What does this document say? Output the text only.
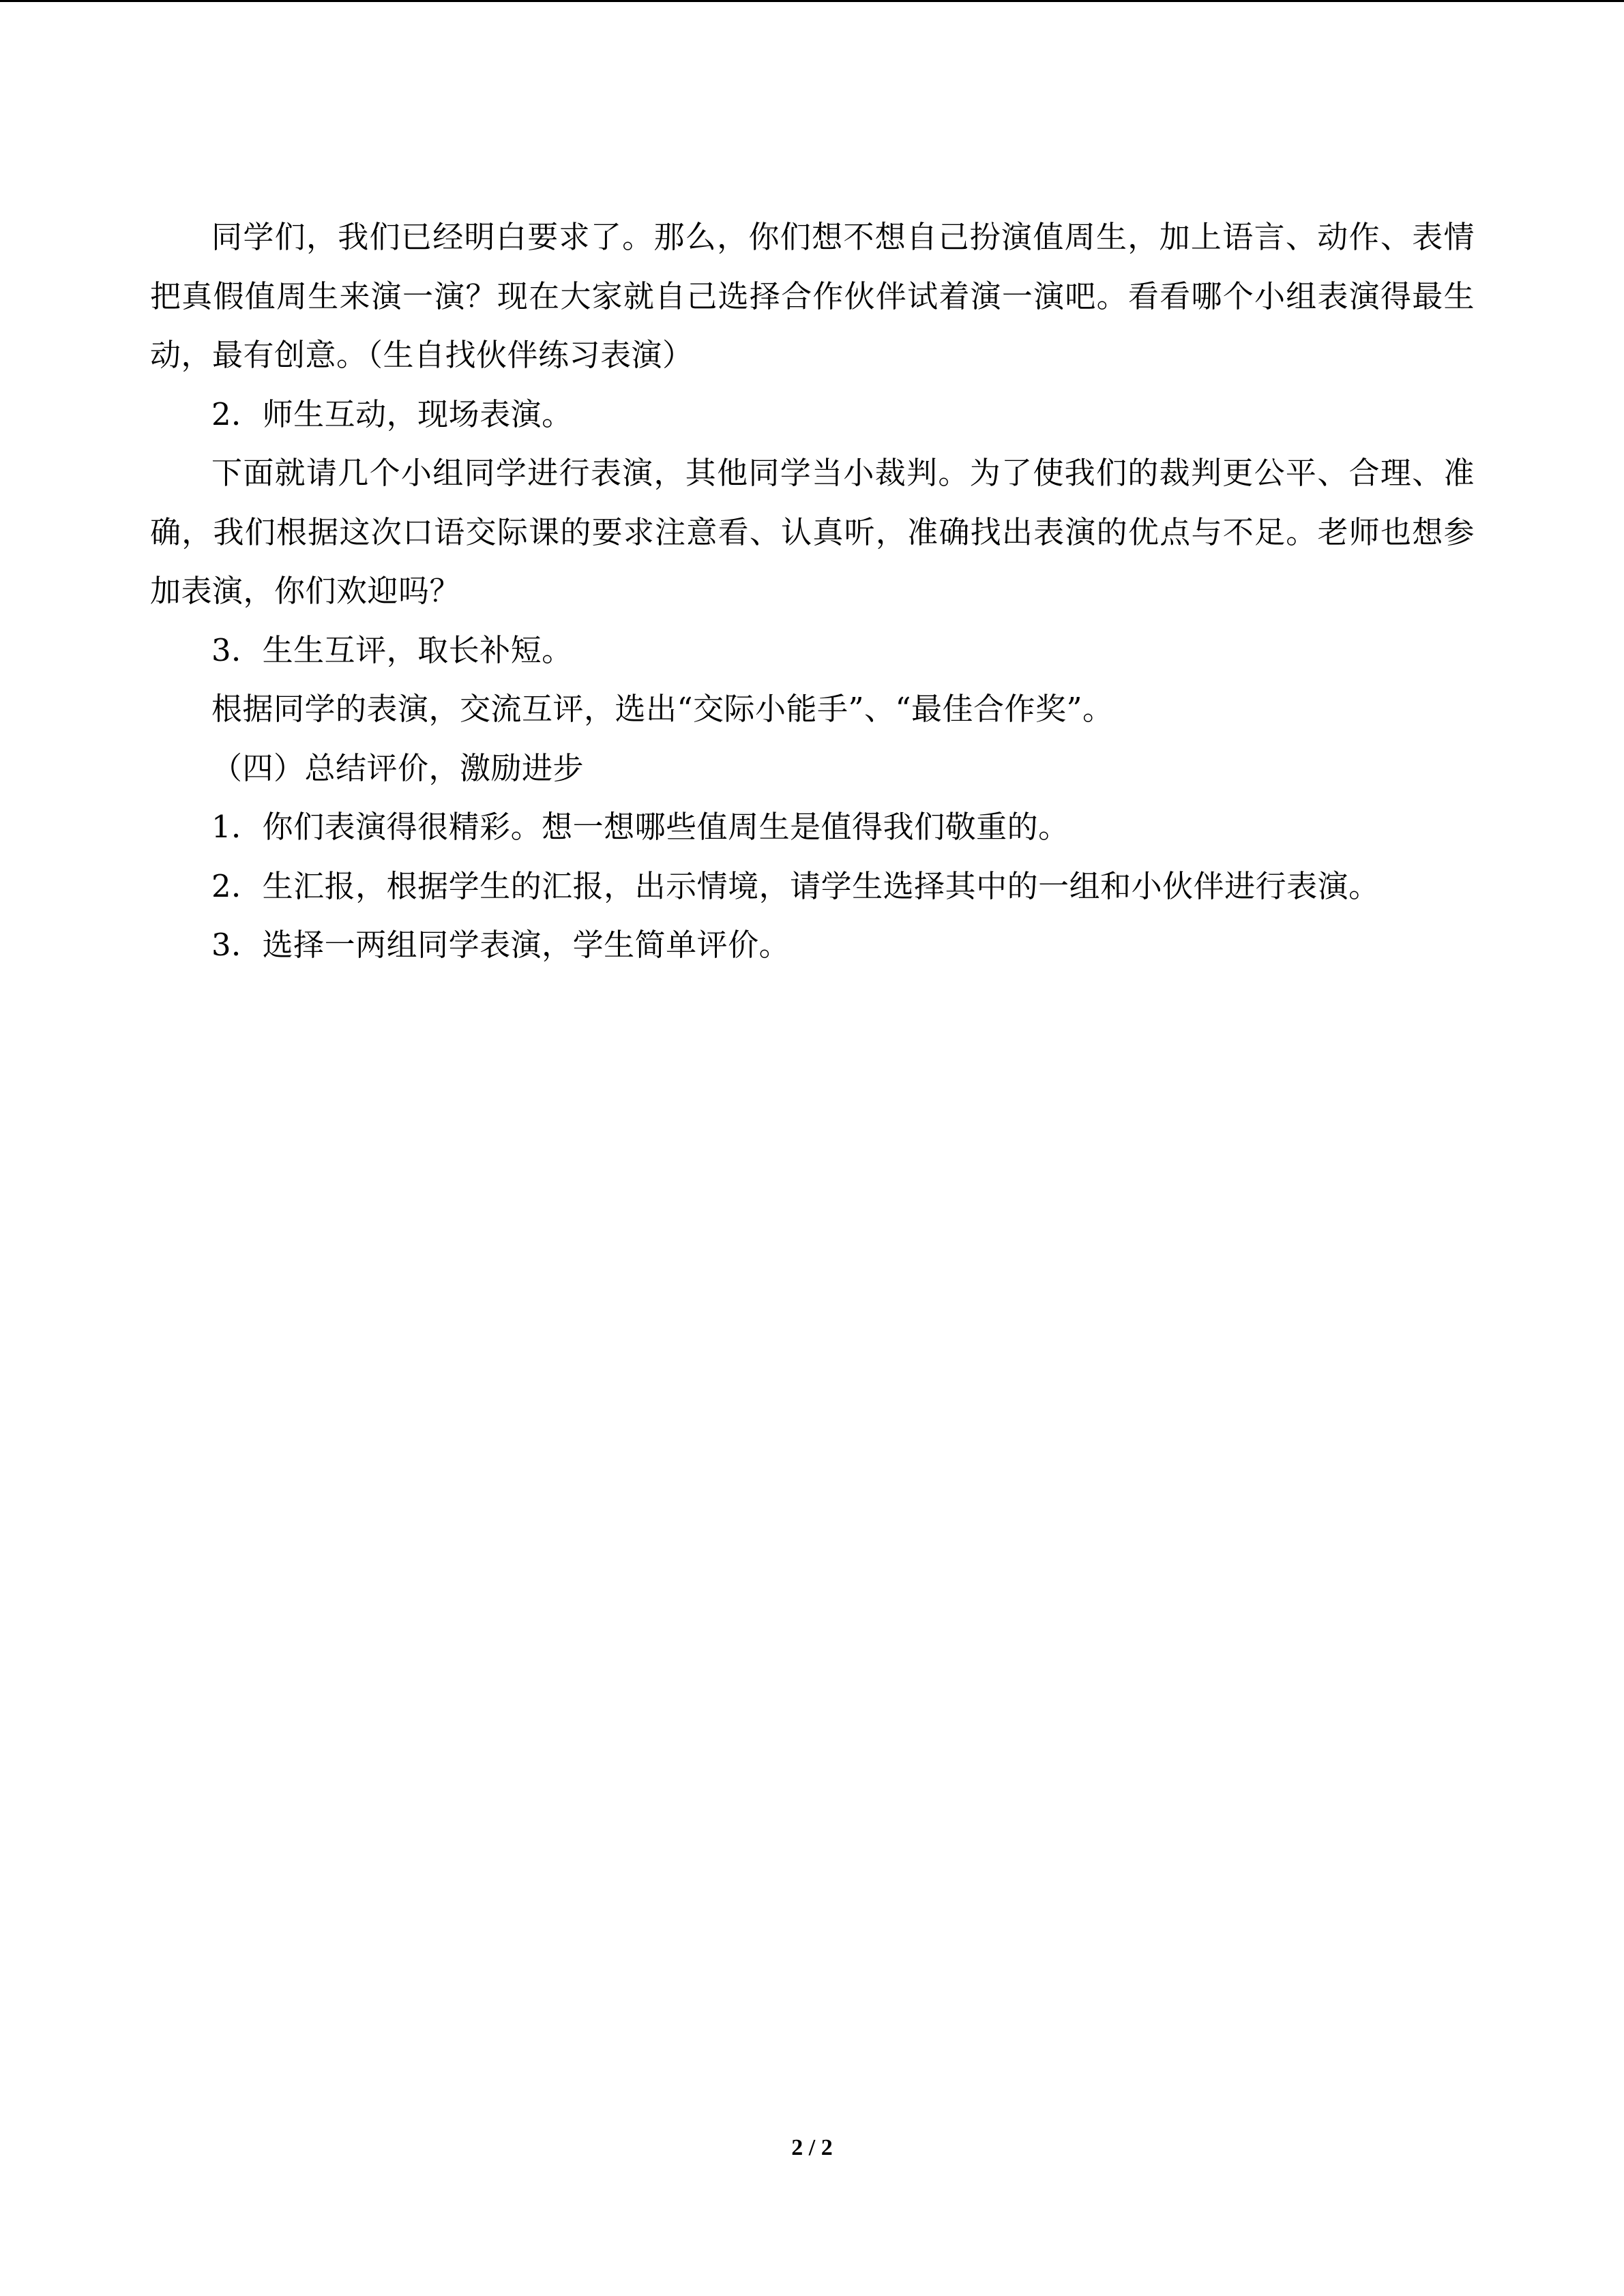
同学们，我们已经明白要求了。那么，你们想不想自己扮演值周生，加上语言、动作、表情把真假值周生来演一演？现在大家就自己选择合作伙伴试着演一演吧。看看哪个小组表演得最生动，最有创意。（生自找伙伴练习表演）

2．师生互动，现场表演。

下面就请几个小组同学进行表演，其他同学当小裁判。为了使我们的裁判更公平、合理、准确，我们根据这次口语交际课的要求注意看、认真听，准确找出表演的优点与不足。老师也想参加表演，你们欢迎吗？

3．生生互评，取长补短。

根据同学的表演，交流互评，选出“交际小能手”、“最佳合作奖”。

（四）总结评价，激励进步

1．你们表演得很精彩。想一想哪些值周生是值得我们敬重的。

2．生汇报，根据学生的汇报，出示情境，请学生选择其中的一组和小伙伴进行表演。

3．选择一两组同学表演，学生简单评价。

2 / 2
